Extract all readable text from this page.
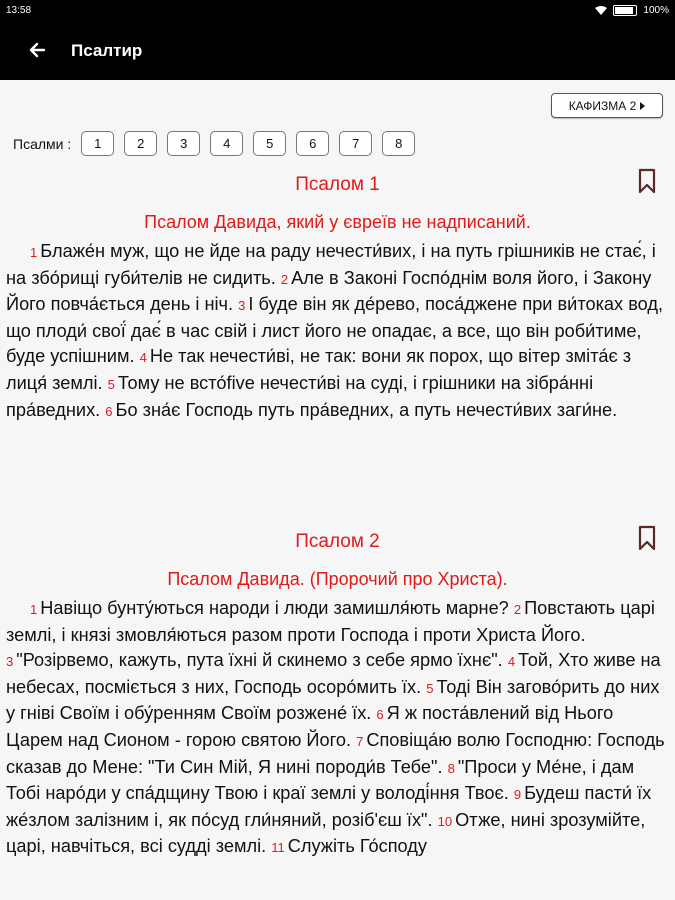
13:58	100%
Псалтир
КАФИЗМА 2
Псалми :	1	2	3	4	5	6	7	8
Псалом 1
Псалом Давида, який у євреїв не надписаний.

1 Блаже́н муж, що не йде на раду нечести́вих, і на путь грішників не стає́, і на збо́рищі губи́телів не сидить. 2 Але в Законі Госпо́днім воля його, і Закону Його повча́ється день і ніч. 3 І буде він як де́рево, поса́джене при ви́токах вод, що плоди́ свої́ дає́ в час свій і лист його не опадає, а все, що він роби́тиме, буде успішним. 4 Не так нечести́ві, не так: вони як порох, що вітер зміта́є з лиця́ землі. 5 Тому не всто́five нечести́ві на суді, і грішники на зібра́нні пра́ведних. 6 Бо зна́є Господь путь пра́ведних, а путь нечести́вих заги́не.

Псалом 2
Псалом Давида. (Пророчий про Христа).

1 Навіщо бунту́ються народи і люди замишля́ють марне? 2 Повстають царі землі, і князі змовля́ються разом проти Господа і проти Христа Його. 3 "Розірвемо, кажуть, пута їхні й скинемо з себе ярмо їхнє". 4 Той, Хто живе на небесах, посміється з них, Господь осоро́мить їх. 5 Тоді Він загово́рить до них у гніві Своїм і обу́ренням Своїм розжене́ їх. 6 Я ж поста́влений від Нього Царем над Сионом - горою святою Його. 7 Сповіща́ю волю Господню: Господь сказав до Мене: "Ти Син Мій, Я нині породи́в Тебе". 8 "Проси у Ме́не, і дам Тобі наро́ди у спа́дщину Твою і краї землі у володі́ння Твоє. 9 Будеш пасти́ їх же́злом залізним і, як по́суд гли́няний, розіб'єш їх". 10 Отже, нині зрозумійте, царі, навчіться, всі судді землі. 11 Служіть Го́споду
